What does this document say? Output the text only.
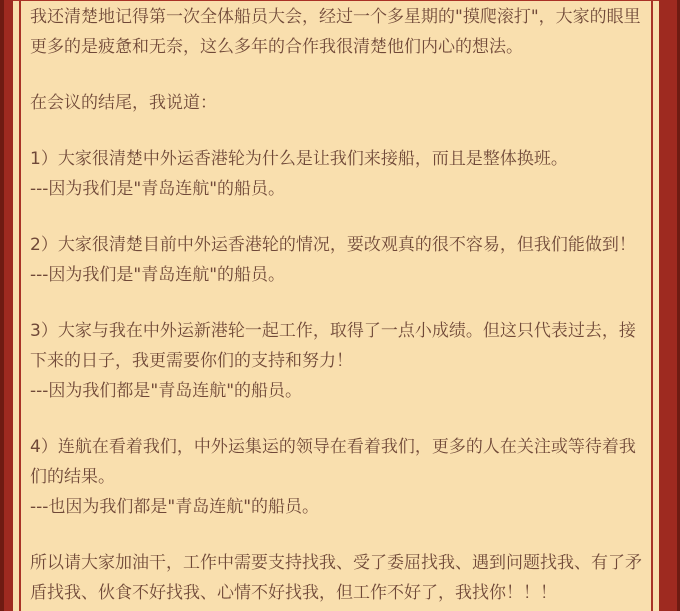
我还清楚地记得第一次全体船员大会，经过一个多星期的"摸爬滚打"，大家的眼里更多的是疲惫和无奈，这么多年的合作我很清楚他们内心的想法。

在会议的结尾，我说道：

1）大家很清楚中外运香港轮为什么是让我们来接船，而且是整体换班。

---因为我们是"青岛连航"的船员。

2）大家很清楚目前中外运香港轮的情况，要改观真的很不容易，但我们能做到！

---因为我们是"青岛连航"的船员。

3）大家与我在中外运新港轮一起工作，取得了一点小成绩。但这只代表过去，接下来的日子，我更需要你们的支持和努力！

---因为我们都是"青岛连航"的船员。

4）连航在看着我们，中外运集运的领导在看着我们，更多的人在关注或等待着我们的结果。

---也因为我们都是"青岛连航"的船员。

所以请大家加油干，工作中需要支持找我、受了委屈找我、遇到问题找我、有了矛盾找我、伙食不好找我、心情不好找我，但工作不好了，我找你！！！
